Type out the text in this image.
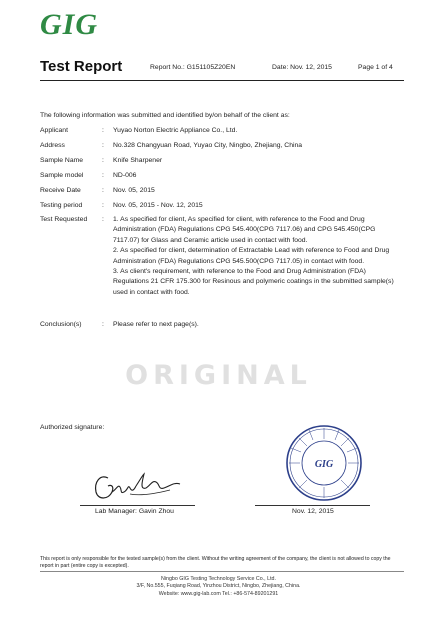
GIG
Test Report	Report No.: G151105Z20EN	Date: Nov. 12, 2015	Page 1 of 4
The following information was submitted and identified by/on behalf of the client as:
Applicant	: Yuyao Norton Electric Appliance Co., Ltd.
Address	: No.328 Changyuan Road, Yuyao City, Ningbo, Zhejiang, China
Sample Name	: Knife Sharpener
Sample model	: ND-006
Receive Date	: Nov. 05, 2015
Testing period	: Nov. 05, 2015 - Nov. 12, 2015
Test Requested	: 1. As specified for client, As specified for client, with reference to the Food and Drug Administration (FDA) Regulations CPG 545.400(CPG 7117.06) and CPG 545.450(CPG 7117.07) for Glass and Ceramic article used in contact with food.

2. As specified for client, determination of Extractable Lead with reference to Food and Drug Administration (FDA) Regulations CPG 545.500(CPG 7117.05) in contact with food.

3. As client's requirement, with reference to the Food and Drug Administration (FDA) Regulations 21 CFR 175.300 for Resinous and polymeric coatings in the submitted sample(s) used in contact with food.

Conclusion(s)	: Please refer to next page(s).
ORIGINAL
Authorized signature:
Lab Manager: Gavin Zhou
GIG
Nov. 12, 2015
This report is only responsible for the tested sample(s) from the client. Without the writing agreement of the company, the client is not allowed to copy the report in part (entire copy is excepted).
Ningbo GIG Testing Technology Service Co., Ltd.
3/F, No.555, Fuqiang Road, Yinzhou District, Ningbo, Zhejiang, China.
Website: www.gig-lab.com Tel.: +86-574-89201291
